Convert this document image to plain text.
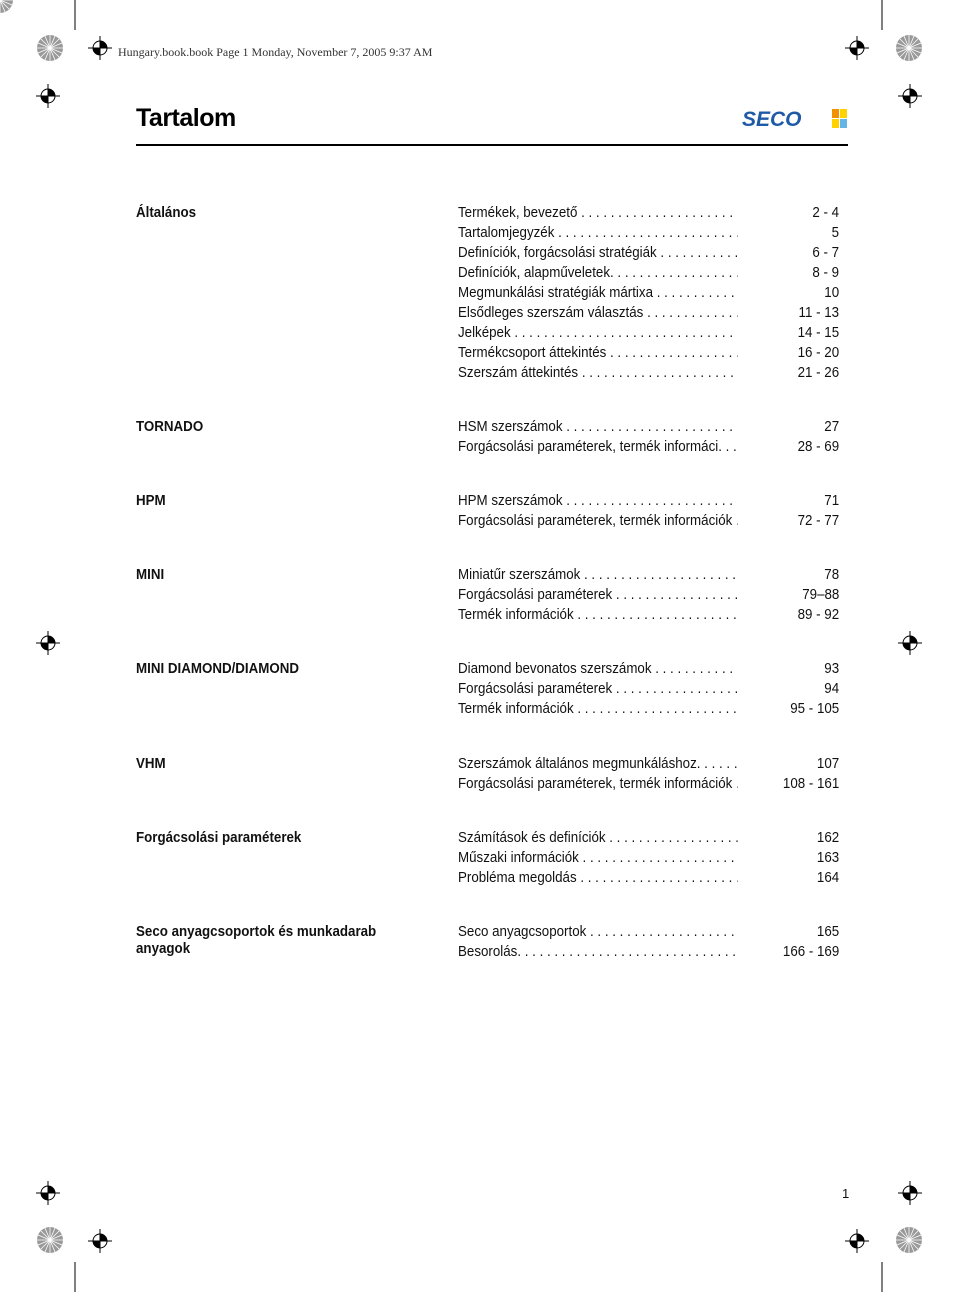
Hungary.book.book Page 1 Monday, November 7, 2005 9:37 AM
Tartalom	SECO
Általános	Termékek, bevezető . . .	2 - 4
Tartalomjegyzék . . .	5
Definíciók, forgácsolási stratégiák . . .	6 - 7
Definíciók, alapműveletek. . . .	8 - 9
Megmunkálási stratégiák mártixa . . .	10
Elsődleges szerszám választás . . .	11 - 13
Jelképek . . .	14 - 15
Termékcsoport áttekintés . . .	16 - 20
Szerszám áttekintés . . .	21 - 26
TORNADO	HSM szerszámok . . .	27
Forgácsolási paraméterek, termék informáci. . . .	28 - 69
HPM	HPM szerszámok . . .	71
Forgácsolási paraméterek, termék információk . . .	72 - 77
MINI	Miniatűr szerszámok . . .	78
Forgácsolási paraméterek . . .	79–88
Termék információk . . .	89 - 92
MINI DIAMOND/DIAMOND	Diamond bevonatos szerszámok . . .	93
Forgácsolási paraméterek . . .	94
Termék információk . . .	95 - 105
VHM	Szerszámok általános megmunkáláshoz. . . .	107
Forgácsolási paraméterek, termék információk . . .	108 - 161
Forgácsolási paraméterek	Számítások és definíciók . . .	162
Műszaki információk . . .	163
Probléma megoldás . . .	164
Seco anyagcsoportok és munkadarab anyagok
Seco anyagcsoportok . . .	165
Besorolás. . . .	166 - 169
1
